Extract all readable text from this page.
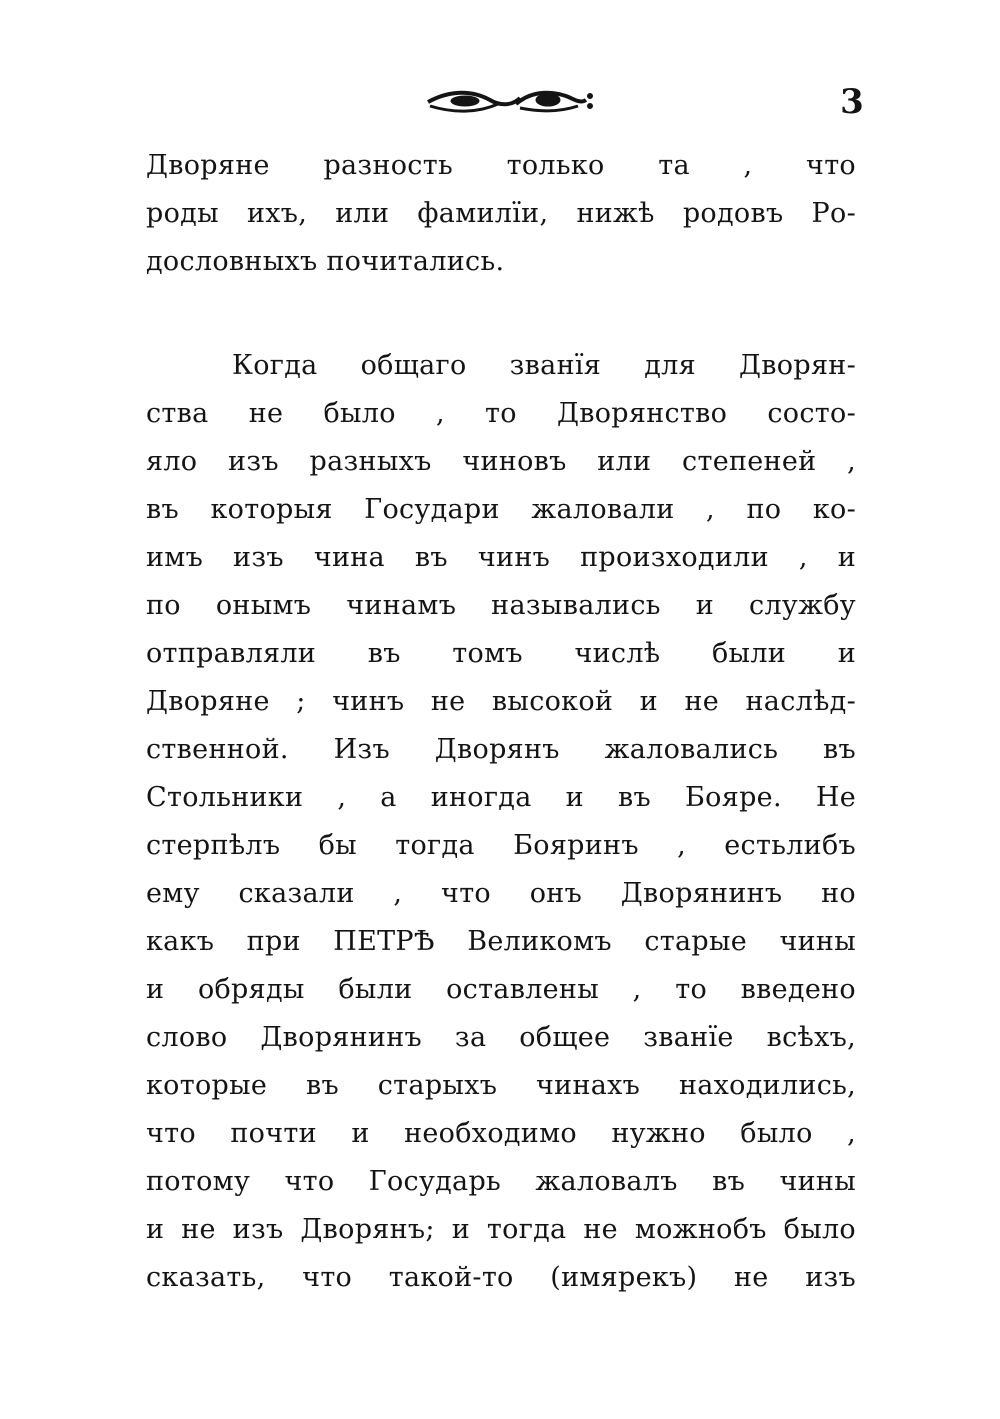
3
Дворяне разность только та , что
роды ихъ, или фамилїи, нижѣ родовъ Ро-
дословныхъ почитались.
Когда общаго званїя для Дворян-
ства не было , то Дворянство состо-
яло изъ разныхъ чиновъ или степеней ,
въ которыя Государи жаловали , по ко-
имъ изъ чина въ чинъ произходили , и
по онымъ чинамъ назывались и службу
отправляли въ томъ числѣ были и
Дворяне ; чинъ не высокой и не наслѣд-
ственной. Изъ Дворянъ жаловались въ
Стольники , а иногда и въ Бояре. Не
стерпѣлъ бы тогда Бояринъ , естьлибъ
ему сказали , что онъ Дворянинъ но
какъ при ПЕТРѢ Великомъ старые чины
и обряды были оставлены , то введено
слово Дворянинъ за общее званїе всѣхъ,
которые въ старыхъ чинахъ находились,
что почти и необходимо нужно было ,
потому что Государь жаловалъ въ чины
и не изъ Дворянъ; и тогда не можнобъ было
сказать, что такой-то (имярекъ) не изъ
